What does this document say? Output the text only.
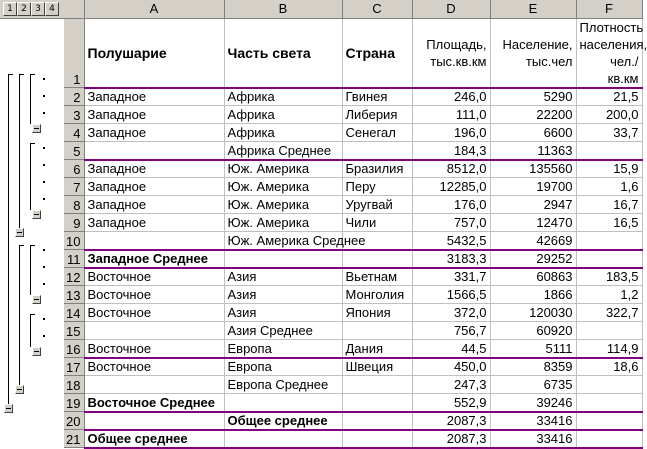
1 2 3 4
		A	B	C	D	E	F
1	Полушарие	Часть света	Страна	Площадь, тыс.кв.км	Население, тыс.чел	Плотность населения, чел./кв.км
2	Западное	Африка	Гвинея	246,0	5290	21,5
3	Западное	Африка	Либерия	111,0	22200	200,0
4	Западное	Африка	Сенегал	196,0	6600	33,7
5		Африка Среднее		184,3	11363	
6	Западное	Юж. Америка	Бразилия	8512,0	135560	15,9
7	Западное	Юж. Америка	Перу	12285,0	19700	1,6
8	Западное	Юж. Америка	Уругвай	176,0	2947	16,7
9	Западное	Юж. Америка	Чили	757,0	12470	16,5
10		Юж. Америка Среднее		5432,5	42669	
11	Западное Среднее			3183,3	29252	
12	Восточное	Азия	Вьетнам	331,7	60863	183,5
13	Восточное	Азия	Монголия	1566,5	1866	1,2
14	Восточное	Азия	Япония	372,0	120030	322,7
15		Азия Среднее		756,7	60920	
16	Восточное	Европа	Дания	44,5	5111	114,9
17	Восточное	Европа	Швеция	450,0	8359	18,6
18		Европа Среднее		247,3	6735	
19	Восточное Среднее			552,9	39246	
20		Общее среднее		2087,3	33416	
21	Общее среднее			2087,3	33416	
